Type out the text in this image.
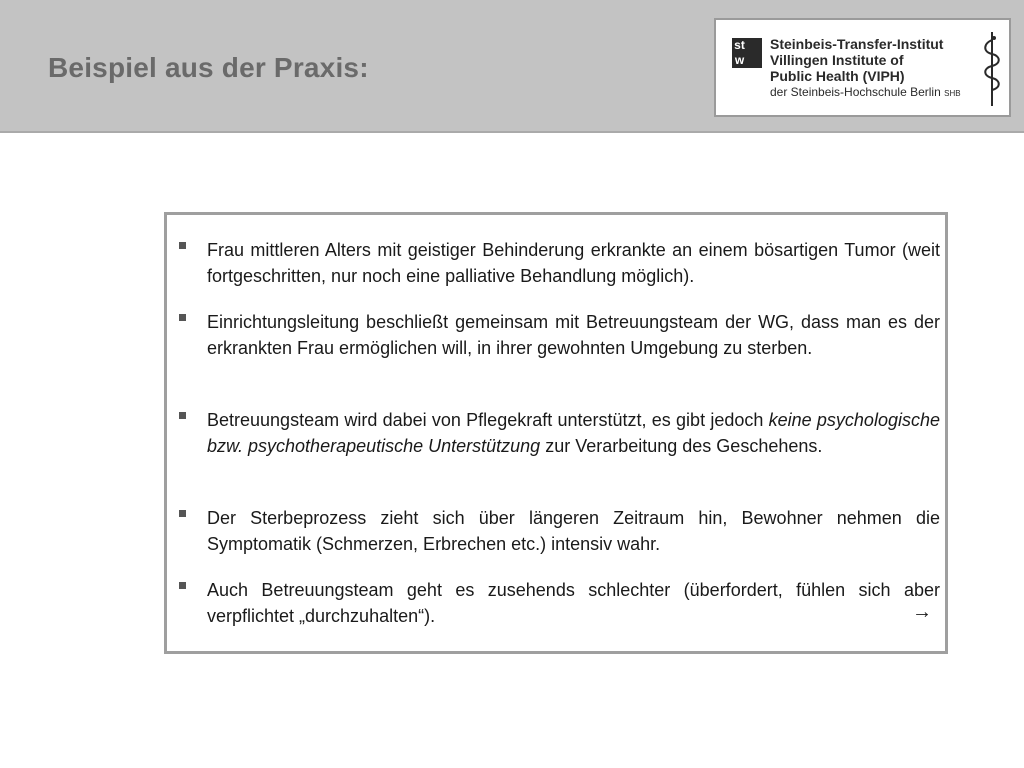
Beispiel aus der Praxis:
st
w
Steinbeis-Transfer-Institut
Villingen Institute of
Public Health (VIPH)
der Steinbeis-Hochschule Berlin SHB
Frau mittleren Alters mit geistiger Behinderung erkrankte an einem bösartigen Tumor (weit fortgeschritten, nur noch eine palliative Behandlung möglich).
Einrichtungsleitung beschließt gemeinsam mit Betreuungsteam der WG, dass man es der erkrankten Frau ermöglichen will, in ihrer gewohnten Umgebung zu sterben.
Betreuungsteam wird dabei von Pflegekraft unterstützt, es gibt jedoch keine psychologische bzw. psychotherapeutische Unterstützung zur Verarbeitung des Geschehens.
Der Sterbeprozess zieht sich über längeren Zeitraum hin, Bewohner nehmen die Symptomatik (Schmerzen, Erbrechen etc.) intensiv wahr.
Auch Betreuungsteam geht es zusehends schlechter (überfordert, fühlen sich aber verpflichtet „durchzuhalten“).	→
